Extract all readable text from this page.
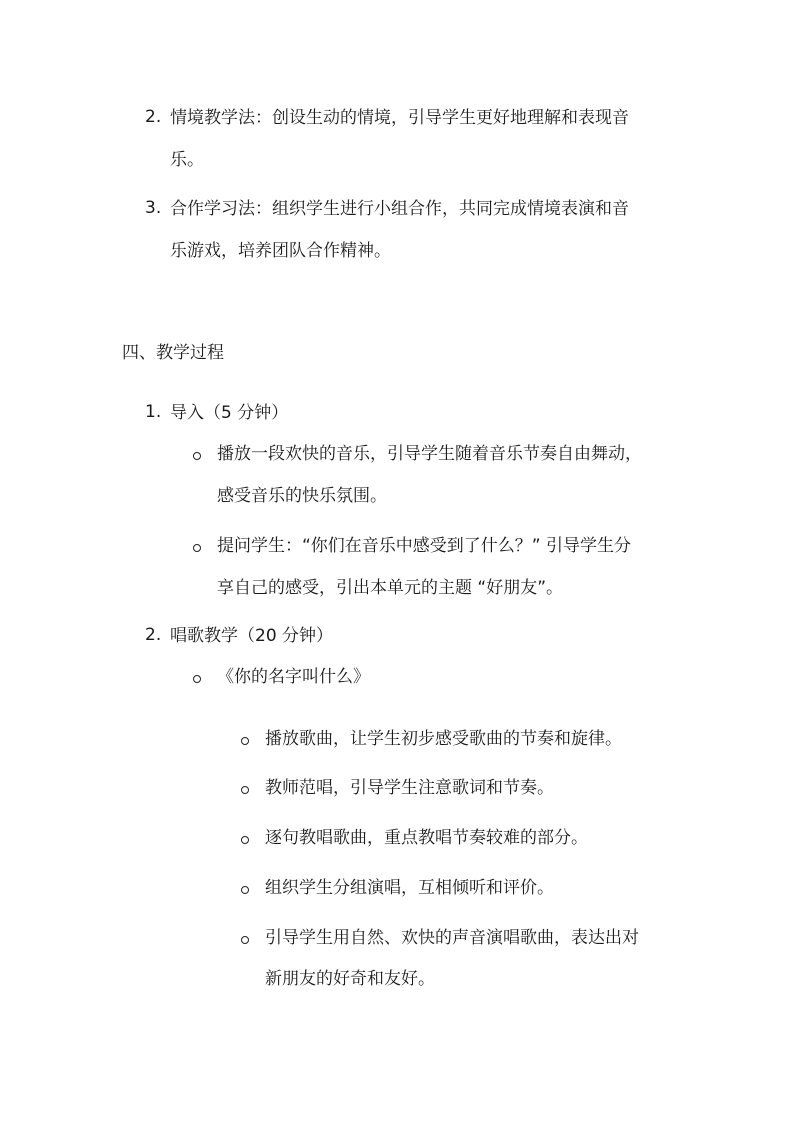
2. 情境教学法：创设生动的情境，引导学生更好地理解和表现音
乐。
3. 合作学习法：组织学生进行小组合作，共同完成情境表演和音
乐游戏，培养团队合作精神。
四、教学过程
1. 导入（5 分钟）
播放一段欢快的音乐，引导学生随着音乐节奏自由舞动，
感受音乐的快乐氛围。
提问学生：“你们在音乐中感受到了什么？” 引导学生分
享自己的感受，引出本单元的主题 “好朋友”。
2. 唱歌教学（20 分钟）
《你的名字叫什么》
播放歌曲，让学生初步感受歌曲的节奏和旋律。
教师范唱，引导学生注意歌词和节奏。
逐句教唱歌曲，重点教唱节奏较难的部分。
组织学生分组演唱，互相倾听和评价。
引导学生用自然、欢快的声音演唱歌曲，表达出对
新朋友的好奇和友好。
